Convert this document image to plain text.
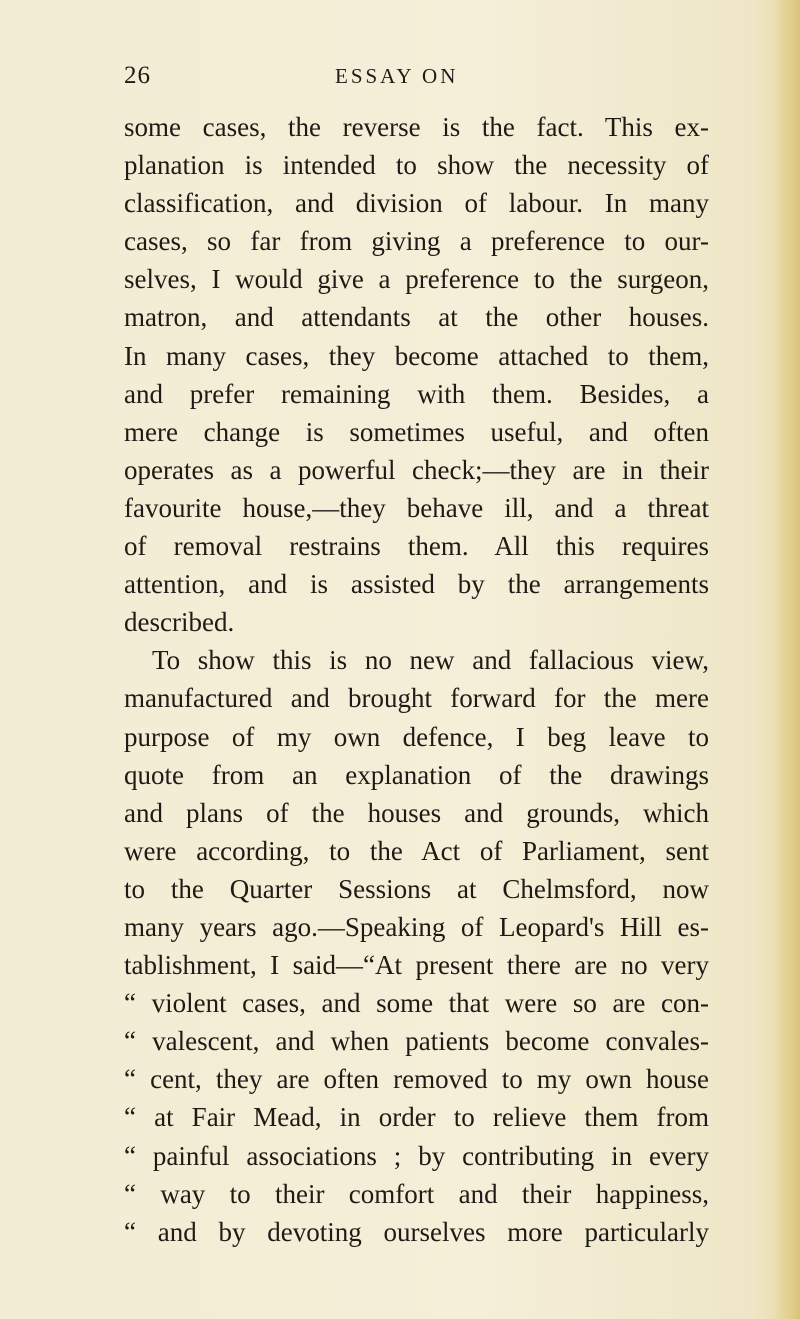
26	ESSAY ON
some cases, the reverse is the fact. This ex-
planation is intended to show the necessity of
classification, and division of labour. In many
cases, so far from giving a preference to our-
selves, I would give a preference to the surgeon,
matron, and attendants at the other houses.
In many cases, they become attached to them,
and prefer remaining with them. Besides, a
mere change is sometimes useful, and often
operates as a powerful check;—they are in their
favourite house,—they behave ill, and a threat
of removal restrains them. All this requires
attention, and is assisted by the arrangements
described.
To show this is no new and fallacious view,
manufactured and brought forward for the mere
purpose of my own defence, I beg leave to
quote from an explanation of the drawings
and plans of the houses and grounds, which
were according, to the Act of Parliament, sent
to the Quarter Sessions at Chelmsford, now
many years ago.—Speaking of Leopard's Hill es-
tablishment, I said—“At present there are no very
“ violent cases, and some that were so are con-
“ valescent, and when patients become convales-
“ cent, they are often removed to my own house
“ at Fair Mead, in order to relieve them from
“ painful associations ; by contributing in every
“ way to their comfort and their happiness,
“ and by devoting ourselves more particularly
